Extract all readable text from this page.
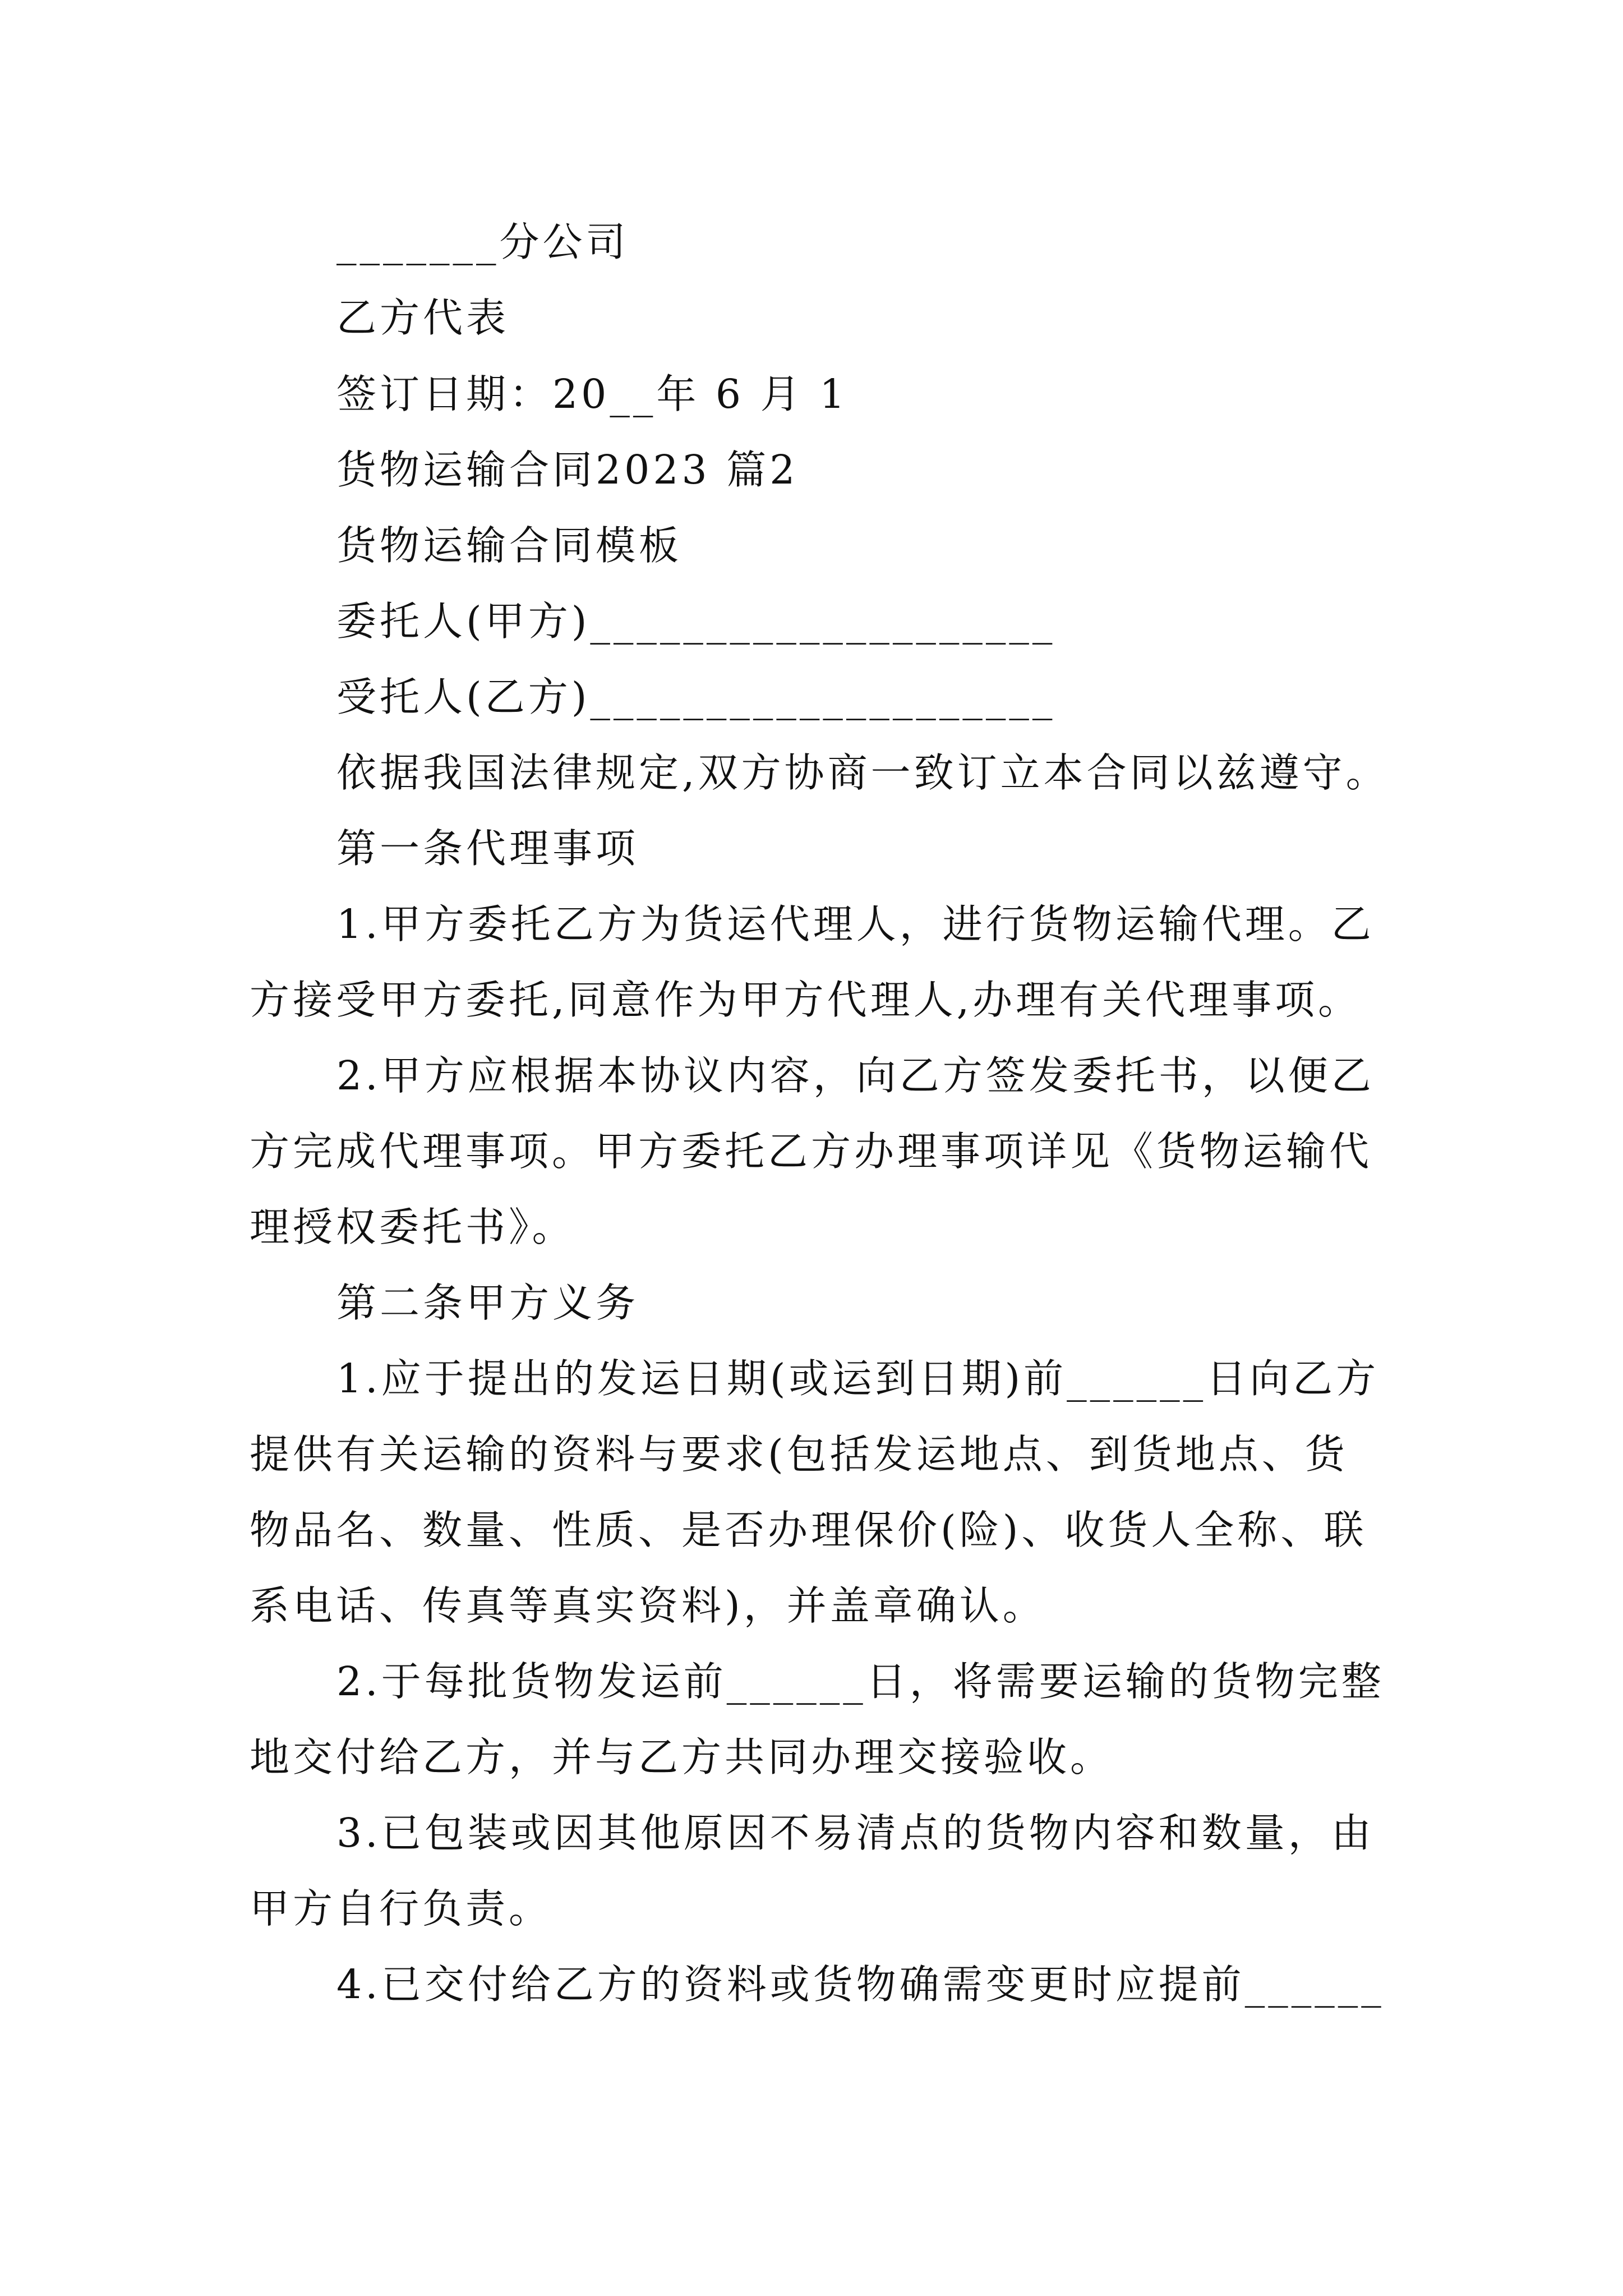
_______分公司
乙方代表
签订日期：20__年 6 月 1
货物运输合同2023 篇2
货物运输合同模板
委托人(甲方)____________________
受托人(乙方)____________________
依据我国法律规定,双方协商一致订立本合同以兹遵守。
第一条代理事项
1.甲方委托乙方为货运代理人，进行货物运输代理。乙
方接受甲方委托,同意作为甲方代理人,办理有关代理事项。
2.甲方应根据本协议内容，向乙方签发委托书，以便乙
方完成代理事项。甲方委托乙方办理事项详见《货物运输代
理授权委托书》。
第二条甲方义务
1.应于提出的发运日期(或运到日期)前______日向乙方
提供有关运输的资料与要求(包括发运地点、到货地点、货
物品名、数量、性质、是否办理保价(险)、收货人全称、联
系电话、传真等真实资料)，并盖章确认。
2.于每批货物发运前______日，将需要运输的货物完整
地交付给乙方，并与乙方共同办理交接验收。
3.已包装或因其他原因不易清点的货物内容和数量，由
甲方自行负责。
4.已交付给乙方的资料或货物确需变更时应提前______
